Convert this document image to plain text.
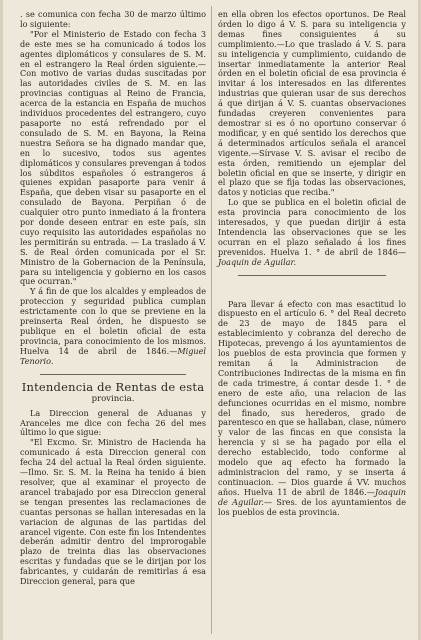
. se comunica con fecha 30 de marzo último lo siguiente:

"Por el Ministerio de Estado con fecha 3 de este mes se ha comunicado á todos los agentes diplomáticos y consulares de S. M. en el estrangero la Real órden siguiente.—Con motivo de varias dudas suscitadas por las autoridades civiles de S. M. en las provincias contiguas al Reino de Francia, acerca de la estancia en España de muchos individuos procedentes del estrangero, cuyo pasaporte no está refrendado por el consulado de S. M. en Bayona, la Reina nuestra Señora se ha dignado mandar que, en lo sucesivo, todos sus agentes diplomáticos y consulares prevengan á todos los súbditos españoles ó estrangeros á quienes expidan pasaporte para venir á España, que deben visar su pasaporte en el consulado de Bayona. Perpiñan ó de cualquier otro punto inmediato á la frontera por donde deseen entrar en este país, sin cuyo requisito las autoridades españolas no les permitirán su entrada. — La traslado á V. S. de Real órden comunicada por el Sr. Ministro de la Gobernacion de la Península, para su inteligencia y gobierno en los casos que ocurran."

Y á fin de que los alcaldes y empleados de proteccion y seguridad publica cumplan estrictamente con lo que se previene en la preinserta Real órden, he dispuesto se publique en el boletin oficial de esta provincia, para conocimiento de los mismos. Huelva 14 de abril de 1846.—Miguel Tenorio.

Intendencia de Rentas de esta

provincia.

La Direccion general de Aduanas y Aranceles me dice con fecha 26 del mes último lo que sigue:

"El Excmo. Sr. Ministro de Hacienda ha comunicado á esta Direccion general con fecha 24 del actual la Real órden siguiente.—Ilmo. Sr. S. M. la Reina ha tenido á bien resolver, que al examinar el proyecto de arancel trabajado por esa Direccion general se tengan presentes las reclamaciones de cuantas personas se hallan interesadas en la variacion de algunas de las partidas del arancel vigente. Con este fin los Intendentes deberán admitir dentro del improrogable plazo de treinta dias las observaciones escritas y fundadas que se le dirijan por los fabricantes, y cuidarán de remitirlas á esa Direccion general, para que

en ella obren los efectos oportunos. De Real órden lo digo á V. S. para su inteligencia y demas fines consiguientes á su cumplimiento.—Lo que traslado á V. S. para su inteligencia y cumplimiento, cuidando de insertar inmediatamente la anterior Real órden en el boletin oficial de esa provincia é invitar á los interesados en las diferentes industrias que quieran usar de sus derechos á que dirijan á V. S. cuantas observaciones fundadas creyeren convenientes para demostrar si es ó no oportuno conservar ó modificar, y en qué sentido los derechos que á determinados artículos señala el arancel vigente.—Sírvase V. S. avisar el recibo de esta órden, remitiendo un ejemplar del boletin oficial en que se inserte, y dirigir en el plazo que se fija todas las observaciones, datos y noticias que reciba."

Lo que se publica en el boletin oficial de esta provincia para conocimiento de los interesados, y que puedan dirijir á esta Intendencia las observaciones que se les ocurran en el plazo señalado á los fines prevenidos. Huelva 1. ° de abril de 1846—Joaquin de Aguilar.

Para llevar á efecto con mas esactitud lo dispuesto en el artículo 6. ° del Real decreto de 23 de mayo de 1845 para el establecimiento y cobranza del derecho de Hipotecas, prevengo á los ayuntamientos de los pueblos de esta provincia que formen y remitan á la Administracion de Contribuciones Indirectas de la misma en fin de cada trimestre, á contar desde 1. ° de enero de este año, una relacion de las defunciones ocurridas en el mismo, nombre del finado, sus herederos, grado de parentesco en que se hallaban, clase, número y valor de las fincas en que consista la herencia y si se ha pagado por ella el derecho establecido, todo conforme al modelo que aq efecto ha formado la administracion del ramo, y se inserta á continuacion. — Dios guarde á VV. muchos años. Huelva 11 de abril de 1846.—Joaquin de Aguilar.— Sres. de los ayuntamientos de los pueblos de esta provincia.
